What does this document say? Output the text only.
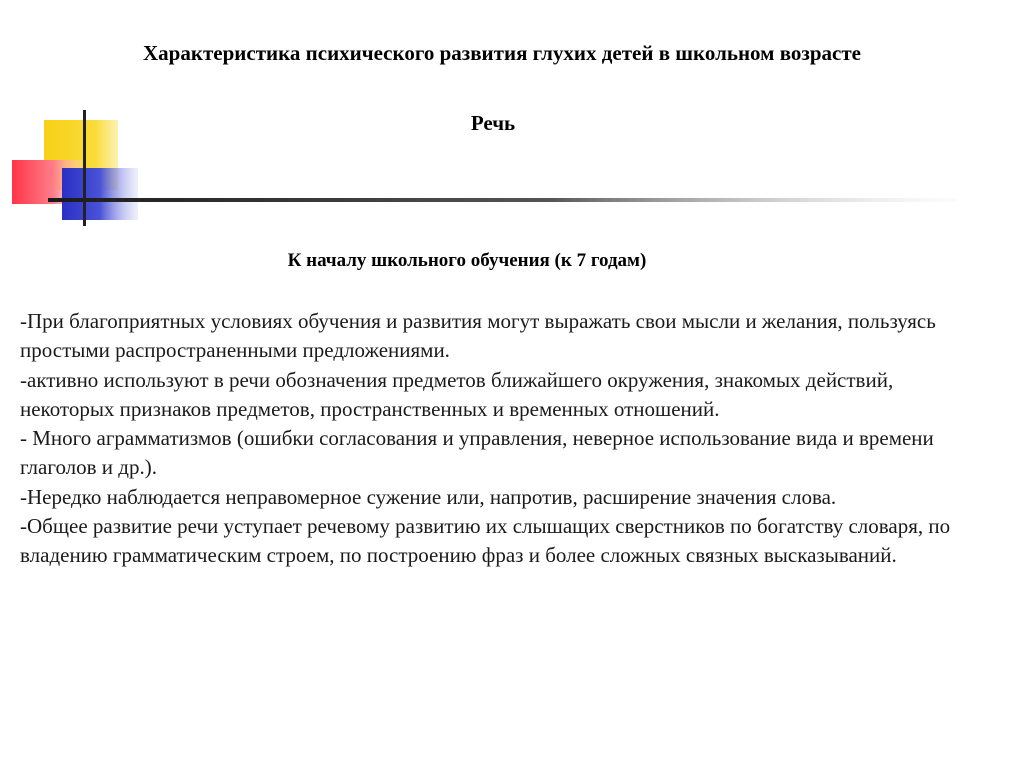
Характеристика психического развития глухих детей в школьном возрасте
Речь
К началу школьного обучения (к 7 годам)

-При благоприятных условиях обучения и развития могут выражать свои мысли и желания, пользуясь простыми распространенными предложениями.

-активно используют в речи обозначения предметов ближайшего окружения, знакомых действий, некоторых признаков предметов, пространственных и временных отношений.

- Много аграмматизмов (ошибки согласования и управления, неверное использование вида и времени глаголов и др.).

-Нередко наблюдается неправомерное сужение или, напротив, расширение значения слова.

-Общее развитие речи уступает речевому развитию их слышащих сверстников по богатству словаря, по владению грамматическим строем, по построению фраз и более сложных связных высказываний.
